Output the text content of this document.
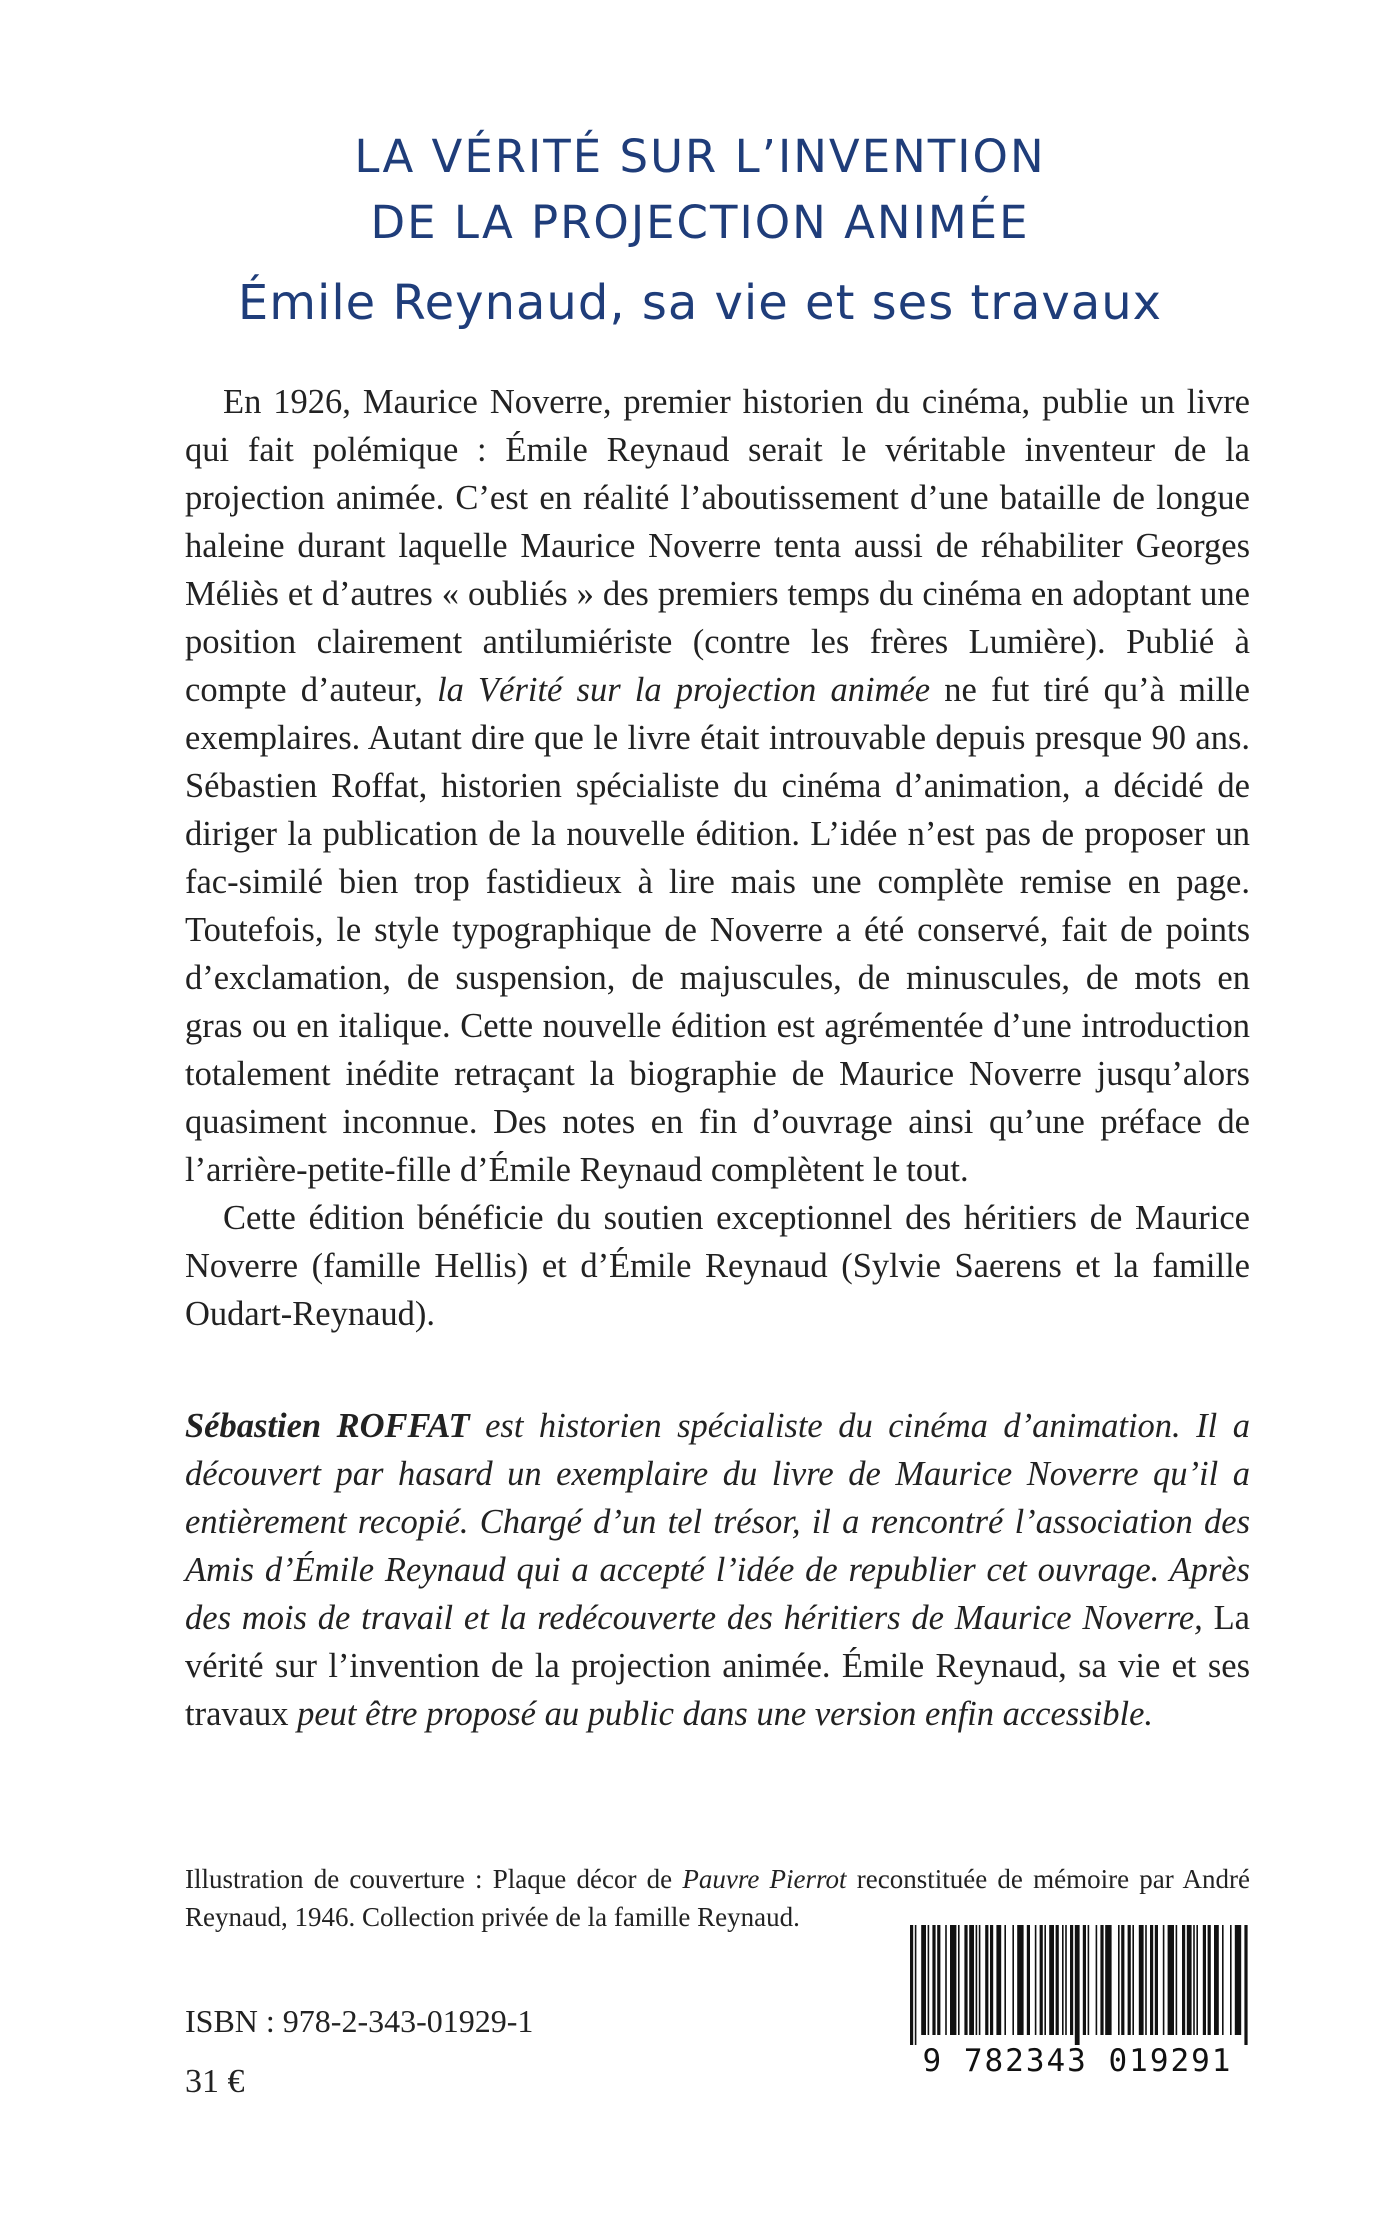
LA VÉRITÉ SUR L’INVENTION
DE LA PROJECTION ANIMÉE
Émile Reynaud, sa vie et ses travaux

En 1926, Maurice Noverre, premier historien du cinéma, publie un livre qui fait polémique : Émile Reynaud serait le véritable inventeur de la projection animée. C’est en réalité l’aboutissement d’une bataille de longue haleine durant laquelle Maurice Noverre tenta aussi de réhabiliter Georges Méliès et d’autres « oubliés » des premiers temps du cinéma en adoptant une position clairement antilumiériste (contre les frères Lumière). Publié à compte d’auteur, la Vérité sur la projection animée ne fut tiré qu’à mille exemplaires. Autant dire que le livre était introuvable depuis presque 90 ans. Sébastien Roffat, historien spécialiste du cinéma d’animation, a décidé de diriger la publication de la nouvelle édition. L’idée n’est pas de proposer un fac-similé bien trop fastidieux à lire mais une complète remise en page. Toutefois, le style typographique de Noverre a été conservé, fait de points d’exclamation, de suspension, de majuscules, de minuscules, de mots en gras ou en italique. Cette nouvelle édition est agrémentée d’une introduction totalement inédite retraçant la biographie de Maurice Noverre jusqu’alors quasiment inconnue. Des notes en fin d’ouvrage ainsi qu’une préface de l’arrière-petite-fille d’Émile Reynaud complètent le tout.

Cette édition bénéficie du soutien exceptionnel des héritiers de Maurice Noverre (famille Hellis) et d’Émile Reynaud (Sylvie Saerens et la famille Oudart-Reynaud).

Sébastien ROFFAT est historien spécialiste du cinéma d’animation. Il a découvert par hasard un exemplaire du livre de Maurice Noverre qu’il a entièrement recopié. Chargé d’un tel trésor, il a rencontré l’association des Amis d’Émile Reynaud qui a accepté l’idée de republier cet ouvrage. Après des mois de travail et la redécouverte des héritiers de Maurice Noverre, La vérité sur l’invention de la projection animée. Émile Reynaud, sa vie et ses travaux peut être proposé au public dans une version enfin accessible.

Illustration de couverture : Plaque décor de Pauvre Pierrot reconstituée de mémoire par André Reynaud, 1946. Collection privée de la famille Reynaud.

ISBN : 978-2-343-01929-1

31 €

9 782343 019291
